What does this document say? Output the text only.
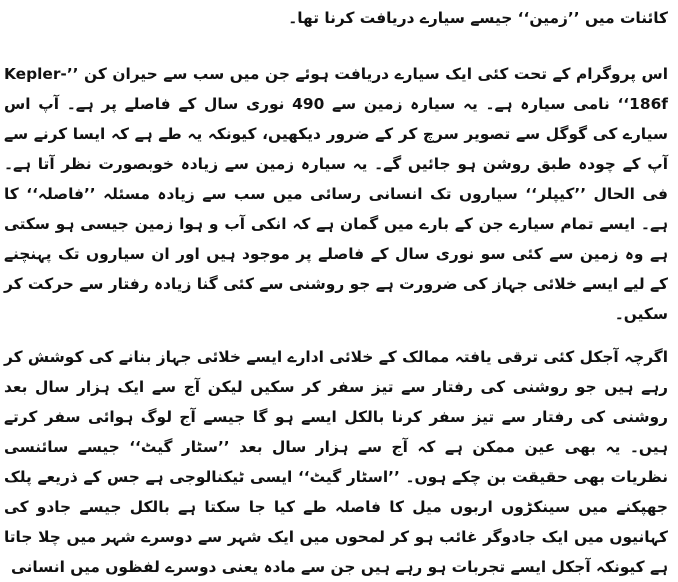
کائنات میں ’’زمین‘‘ جیسے سیارے دریافت کرنا تھا۔

اس پروگرام کے تحت کئی ایک سیارے دریافت ہوئے جن میں سب سے حیران کن ’’Kepler-186f‘‘ نامی سیارہ ہے۔ یہ سیارہ زمین سے 490 نوری سال کے فاصلے پر ہے۔ آپ اس سیارے کی گوگل سے تصویر سرچ کر کے ضرور دیکھیں، کیونکہ یہ طے ہے کہ ایسا کرنے سے آپ کے چودہ طبق روشن ہو جائیں گے۔ یہ سیارہ زمین سے زیادہ خوبصورت نظر آتا ہے۔ فی الحال ’’کیپلر‘‘ سیاروں تک انسانی رسائی میں سب سے زیادہ مسئلہ ’’فاصلہ‘‘ کا ہے۔ ایسے تمام سیارے جن کے بارے میں گمان ہے کہ انکی آب و ہوا زمین جیسی ہو سکتی ہے وہ زمین سے کئی سو نوری سال کے فاصلے پر موجود ہیں اور ان سیاروں تک پہنچنے کے لیے ایسے خلائی جہاز کی ضرورت ہے جو روشنی سے کئی گنا زیادہ رفتار سے حرکت کر سکیں۔

اگرچہ آجکل کئی ترقی یافتہ ممالک کے خلائی ادارے ایسے خلائی جہاز بنانے کی کوشش کر رہے ہیں جو روشنی کی رفتار سے تیز سفر کر سکیں لیکن آج سے ایک ہزار سال بعد روشنی کی رفتار سے تیز سفر کرنا بالکل ایسے ہو گا جیسے آج لوگ ہوائی سفر کرتے ہیں۔ یہ بھی عین ممکن ہے کہ آج سے ہزار سال بعد ’’سٹار گیٹ‘‘ جیسے سائنسی نظریات بھی حقیقت بن چکے ہوں۔ ’’اسٹار گیٹ‘‘ ایسی ٹیکنالوجی ہے جس کے ذریعے پلک جھپکنے میں سینکڑوں اربوں میل کا فاصلہ طے کیا جا سکتا ہے بالکل جیسے جادو کی کہانیوں میں ایک جادوگر غائب ہو کر لمحوں میں ایک شہر سے دوسرے شہر میں چلا جاتا ہے کیونکہ آجکل ایسے تجربات ہو رہے ہیں جن سے مادہ یعنی دوسرے لفظوں میں انسانی
